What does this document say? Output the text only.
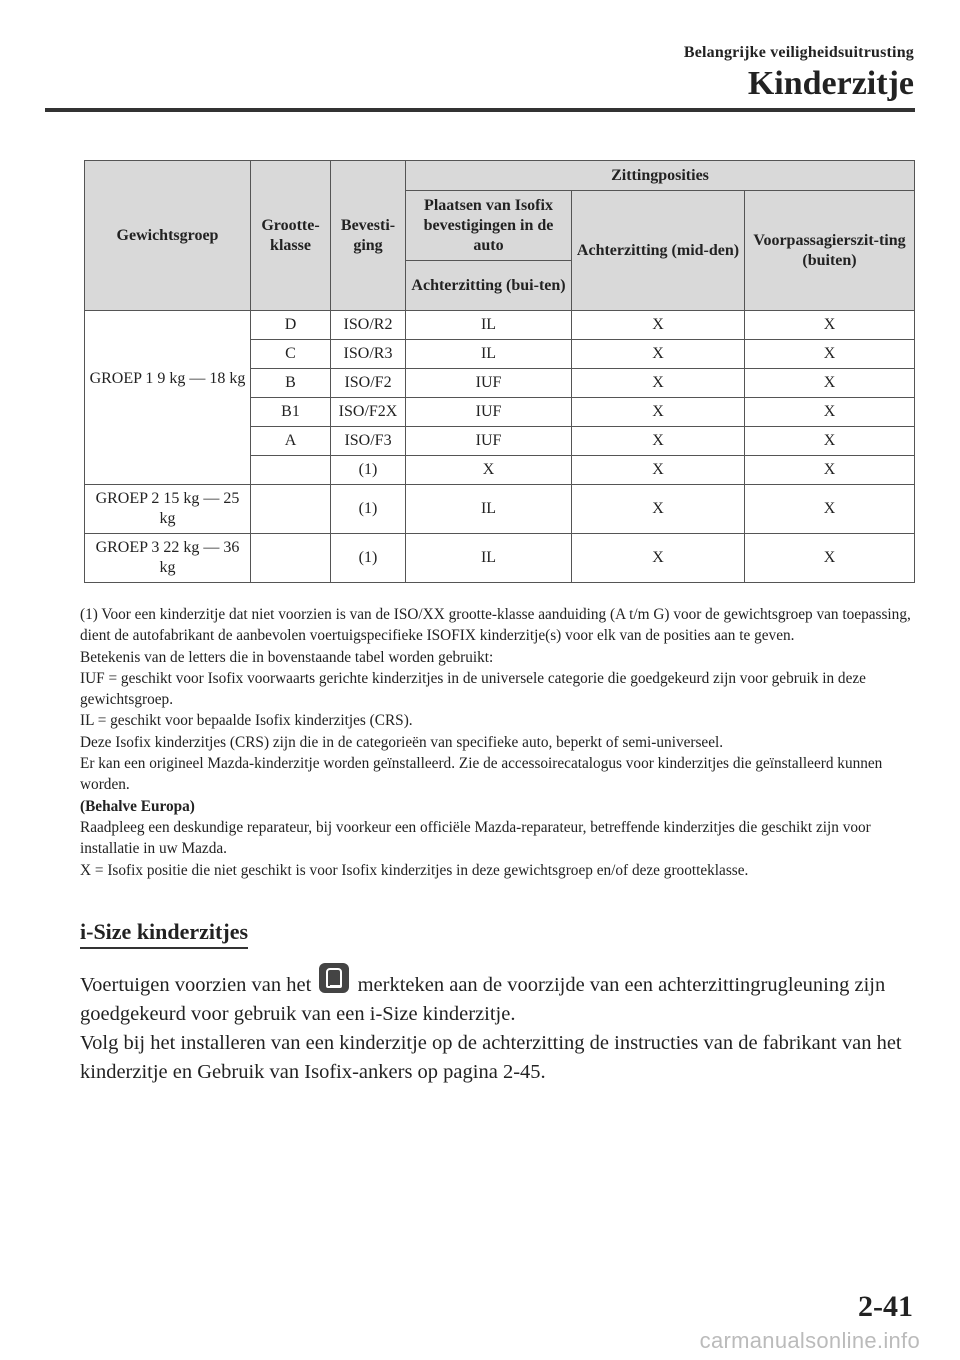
Belangrijke veiligheidsuitrusting
Kinderzitje
Gewichtsgroep	Grootte-klasse	Bevesti-ging	Zittingposities		
			Plaatsen van Isofix bevestigingen in de auto	Achterzitting (mid-den)	Voorpassagierszit-ting (buiten)
			Achterzitting (bui-ten)		
GROEP 1 9 kg ― 18 kg	D	ISO/R2	IL	X	X
	C	ISO/R3	IL	X	X
	B	ISO/F2	IUF	X	X
	B1	ISO/F2X	IUF	X	X
	A	ISO/F3	IUF	X	X
		(1)	X	X	X
GROEP 2 15 kg ― 25 kg		(1)	IL	X	X
GROEP 3 22 kg ― 36 kg		(1)	IL	X	X

(1) Voor een kinderzitje dat niet voorzien is van de ISO/XX grootte-klasse aanduiding (A t/m G) voor de gewichtsgroep van toepassing, dient de autofabrikant de aanbevolen voertuigspecifieke ISOFIX kinderzitje(s) voor elk van de posities aan te geven.

Betekenis van de letters die in bovenstaande tabel worden gebruikt:

IUF = geschikt voor Isofix voorwaarts gerichte kinderzitjes in de universele categorie die goedgekeurd zijn voor gebruik in deze gewichtsgroep.

IL = geschikt voor bepaalde Isofix kinderzitjes (CRS).

Deze Isofix kinderzitjes (CRS) zijn die in de categorieën van specifieke auto, beperkt of semi-universeel.

Er kan een origineel Mazda-kinderzitje worden geïnstalleerd. Zie de accessoirecatalogus voor kinderzitjes die geïnstalleerd kunnen worden.

(Behalve Europa)

Raadpleeg een deskundige reparateur, bij voorkeur een officiële Mazda-reparateur, betreffende kinderzitjes die geschikt zijn voor installatie in uw Mazda.

X = Isofix positie die niet geschikt is voor Isofix kinderzitjes in deze gewichtsgroep en/of deze grootteklasse.

i-Size kinderzitjes

Voertuigen voorzien van het merkteken aan de voorzijde van een achterzittingrugleuning zijn goedgekeurd voor gebruik van een i-Size kinderzitje.

Volg bij het installeren van een kinderzitje op de achterzitting de instructies van de fabrikant van het kinderzitje en Gebruik van Isofix-ankers op pagina 2-45.

2-41
carmanualsonline.info
